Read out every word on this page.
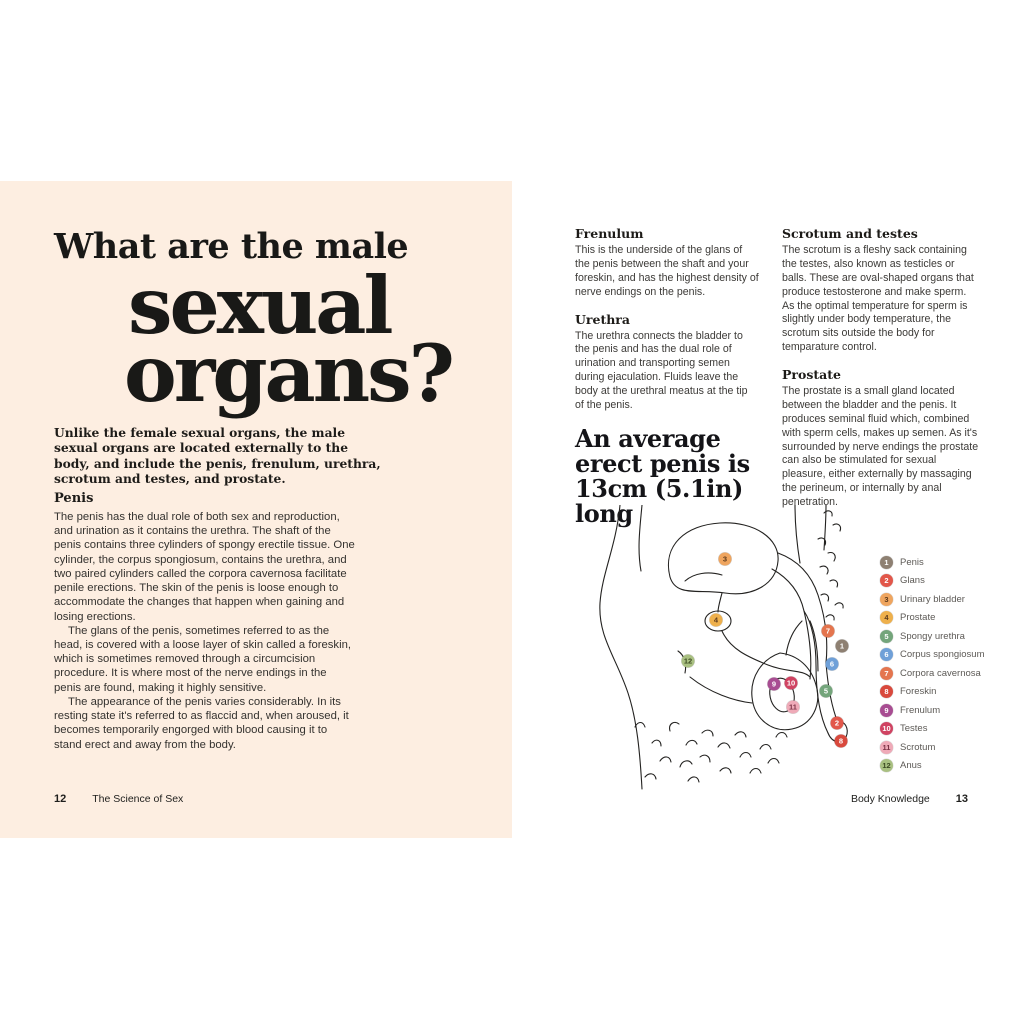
What are the male
sexual
organs?

Unlike the female sexual organs, the male sexual organs are located externally to the body, and include the penis, frenulum, urethra, scrotum and testes, and prostate.

Penis

The penis has the dual role of both sex and reproduction, and urination as it contains the urethra. The shaft of the penis contains three cylinders of spongy erectile tissue. One cylinder, the corpus spongiosum, contains the urethra, and two paired cylinders called the corpora cavernosa facilitate penile erections. The skin of the penis is loose enough to accommodate the changes that happen when gaining and losing erections.

The glans of the penis, sometimes referred to as the head, is covered with a loose layer of skin called a foreskin, which is sometimes removed through a circumcision procedure. It is where most of the nerve endings in the penis are found, making it highly sensitive.

The appearance of the penis varies considerably. In its resting state it's referred to as flaccid and, when aroused, it becomes temporarily engorged with blood causing it to stand erect and away from the body.

12 The Science of Sex
Frenulum

This is the underside of the glans of the penis between the shaft and your foreskin, and has the highest density of nerve endings on the penis.

Urethra

The urethra connects the bladder to the penis and has the dual role of urination and transporting semen during ejaculation. Fluids leave the body at the urethral meatus at the tip of the penis.

An average
erect penis is
13cm (5.1in) long
Scrotum and testes

The scrotum is a fleshy sack containing the testes, also known as testicles or balls. These are oval-shaped organs that produce testosterone and make sperm. As the optimal temperature for sperm is slightly under body temperature, the scrotum sits outside the body for temparature control.

Prostate

The prostate is a small gland located between the bladder and the penis. It produces seminal fluid which, combined with sperm cells, makes up semen. As it's surrounded by nerve endings the prostate can also be stimulated for sexual pleasure, either externally by massaging the perineum, or internally by anal penetration.

3
4
12
7
1
6
9	10
11
5
2
8
1	Penis
2	Glans
3	Urinary bladder
4	Prostate
5	Spongy urethra
6	Corpus spongiosum
7	Corpora cavernosa
8	Foreskin
9	Frenulum
10 Testes
11 Scrotum
12 Anus
Body Knowledge 13
